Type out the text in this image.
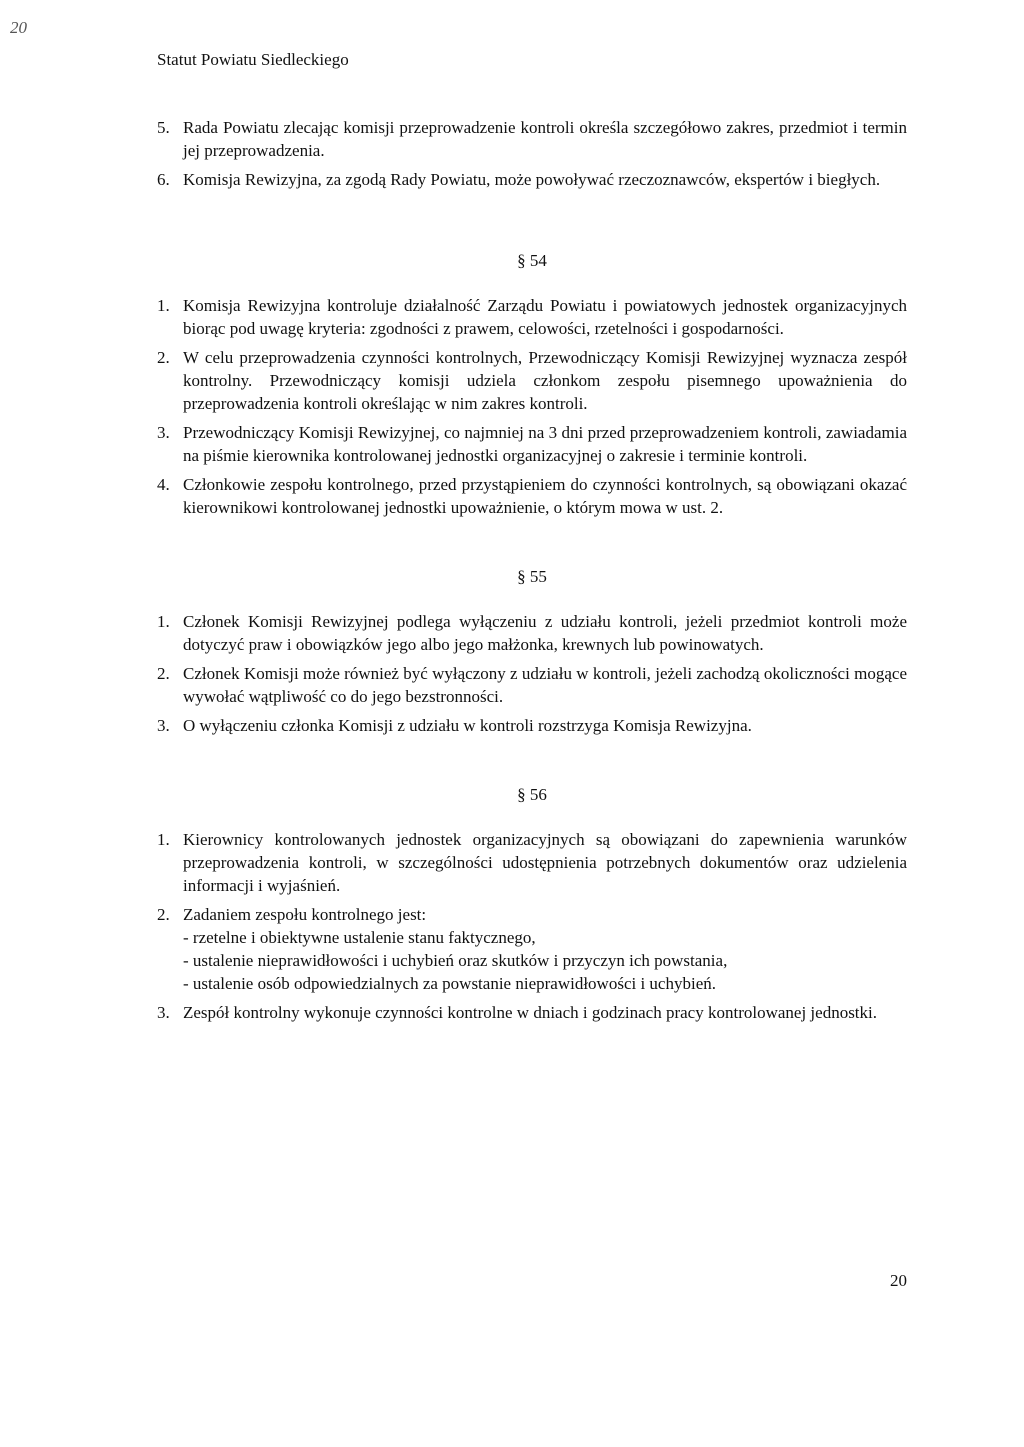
20
Statut Powiatu Siedleckiego
5. Rada Powiatu zlecając komisji przeprowadzenie kontroli określa szczegółowo zakres, przedmiot i termin jej przeprowadzenia.
6. Komisja Rewizyjna, za zgodą Rady Powiatu, może powoływać rzeczoznawców, ekspertów i biegłych.
§ 54
1. Komisja Rewizyjna kontroluje działalność Zarządu Powiatu i powiatowych jednostek organizacyjnych biorąc pod uwagę kryteria: zgodności z prawem, celowości, rzetelności i gospodarności.
2. W celu przeprowadzenia czynności kontrolnych, Przewodniczący Komisji Rewizyjnej wyznacza zespół kontrolny. Przewodniczący komisji udziela członkom zespołu pisemnego upoważnienia do przeprowadzenia kontroli określając w nim zakres kontroli.
3. Przewodniczący Komisji Rewizyjnej, co najmniej na 3 dni przed przeprowadzeniem kontroli, zawiadamia na piśmie kierownika kontrolowanej jednostki organizacyjnej o zakresie i terminie kontroli.
4. Członkowie zespołu kontrolnego, przed przystąpieniem do czynności kontrolnych, są obowiązani okazać kierownikowi kontrolowanej jednostki upoważnienie, o którym mowa w ust. 2.
§ 55
1. Członek Komisji Rewizyjnej podlega wyłączeniu z udziału kontroli, jeżeli przedmiot kontroli może dotyczyć praw i obowiązków jego albo jego małżonka, krewnych lub powinowatych.
2. Członek Komisji może również być wyłączony z udziału w kontroli, jeżeli zachodzą okoliczności mogące wywołać wątpliwość co do jego bezstronności.
3. O wyłączeniu członka Komisji z udziału w kontroli rozstrzyga Komisja Rewizyjna.
§ 56
1. Kierownicy kontrolowanych jednostek organizacyjnych są obowiązani do zapewnienia warunków przeprowadzenia kontroli, w szczególności udostępnienia potrzebnych dokumentów oraz udzielenia informacji i wyjaśnień.
2. Zadaniem zespołu kontrolnego jest:
- rzetelne i obiektywne ustalenie stanu faktycznego,
- ustalenie nieprawidłowości i uchybień oraz skutków i przyczyn ich powstania,
- ustalenie osób odpowiedzialnych za powstanie nieprawidłowości i uchybień.
3. Zespół kontrolny wykonuje czynności kontrolne w dniach i godzinach pracy kontrolowanej jednostki.
20
